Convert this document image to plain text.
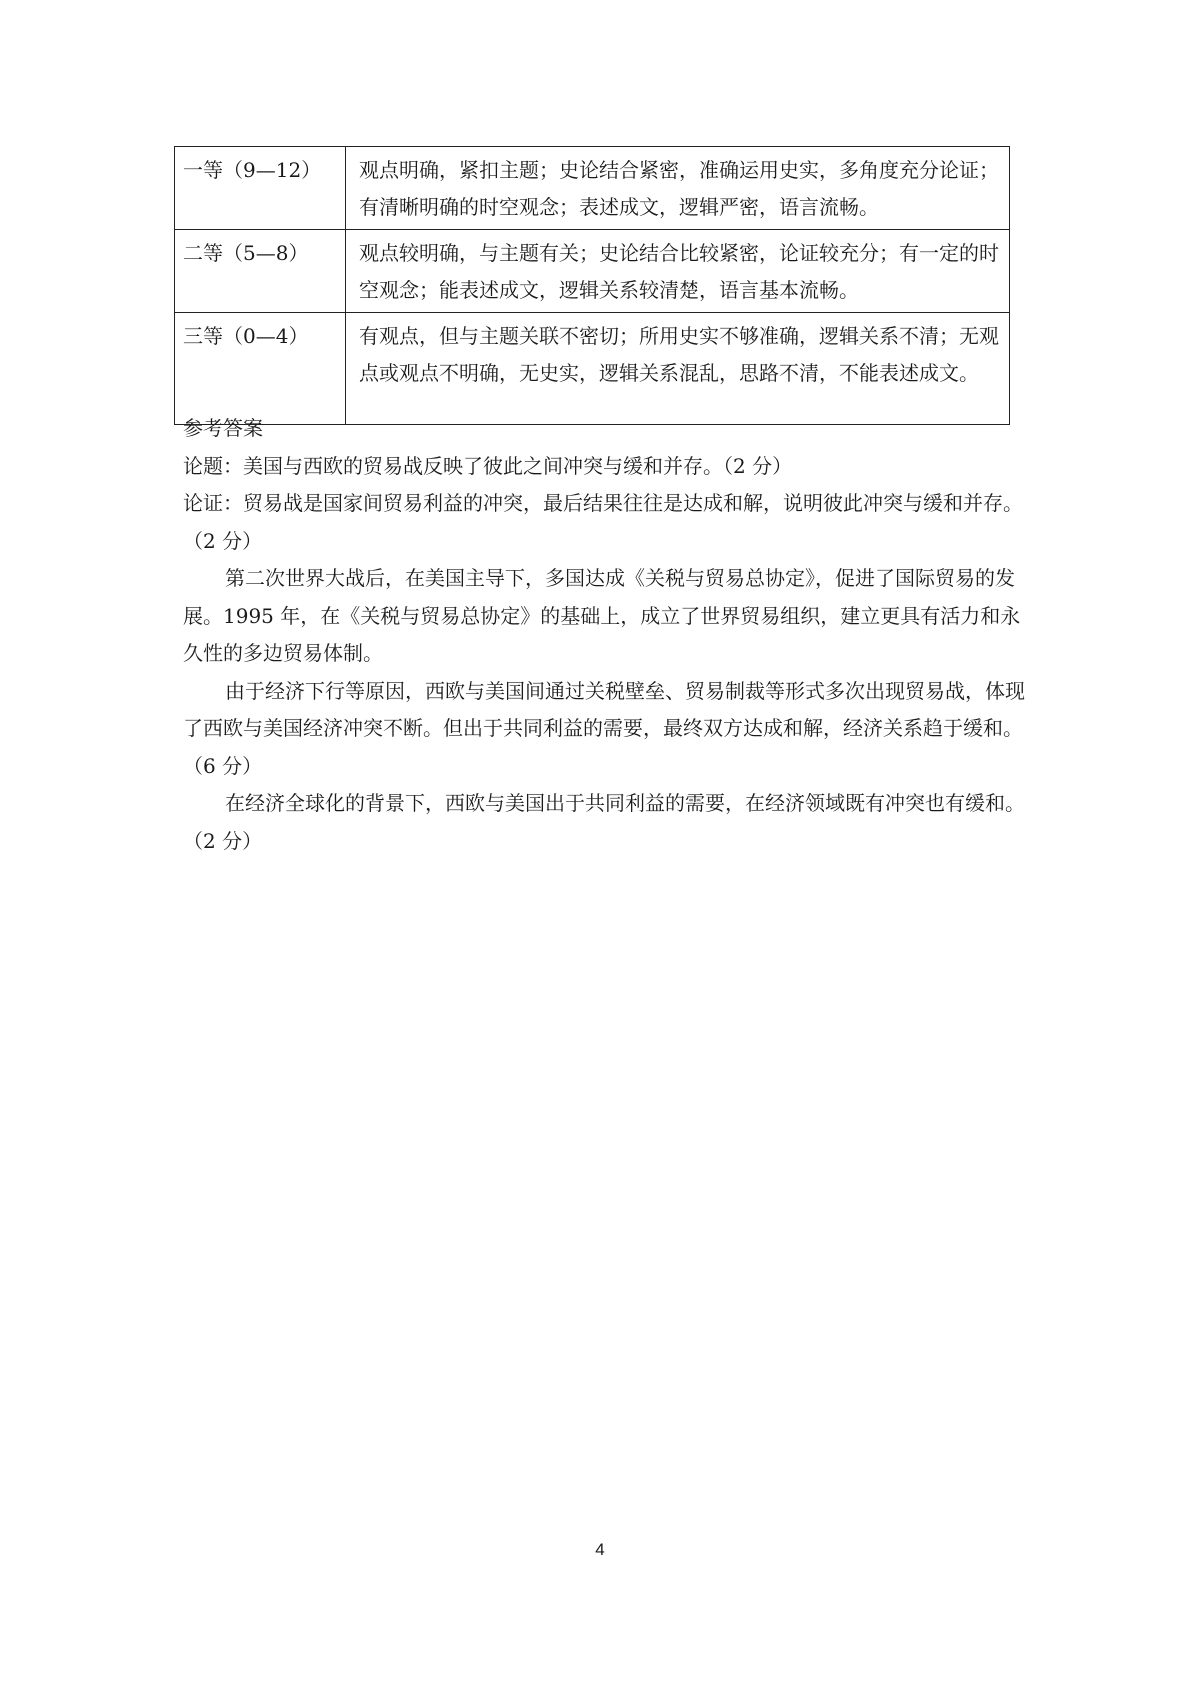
一等（9—12）	观点明确，紧扣主题；史论结合紧密，准确运用史实，多角度充分论证；有清晰明确的时空观念；表述成文，逻辑严密，语言流畅。
二等（5—8）	观点较明确，与主题有关；史论结合比较紧密，论证较充分；有一定的时空观念；能表述成文，逻辑关系较清楚，语言基本流畅。
三等（0—4）	有观点，但与主题关联不密切；所用史实不够准确，逻辑关系不清；无观点或观点不明确，无史实，逻辑关系混乱，思路不清，不能表述成文。

参考答案

论题：美国与西欧的贸易战反映了彼此之间冲突与缓和并存。（2 分）

论证：贸易战是国家间贸易利益的冲突，最后结果往往是达成和解，说明彼此冲突与缓和并存。（2 分）

第二次世界大战后，在美国主导下，多国达成《关税与贸易总协定》，促进了国际贸易的发展。1995 年，在《关税与贸易总协定》的基础上，成立了世界贸易组织，建立更具有活力和永久性的多边贸易体制。

由于经济下行等原因，西欧与美国间通过关税壁垒、贸易制裁等形式多次出现贸易战，体现了西欧与美国经济冲突不断。但出于共同利益的需要，最终双方达成和解，经济关系趋于缓和。（6 分）

在经济全球化的背景下，西欧与美国出于共同利益的需要，在经济领域既有冲突也有缓和。（2 分）

4
